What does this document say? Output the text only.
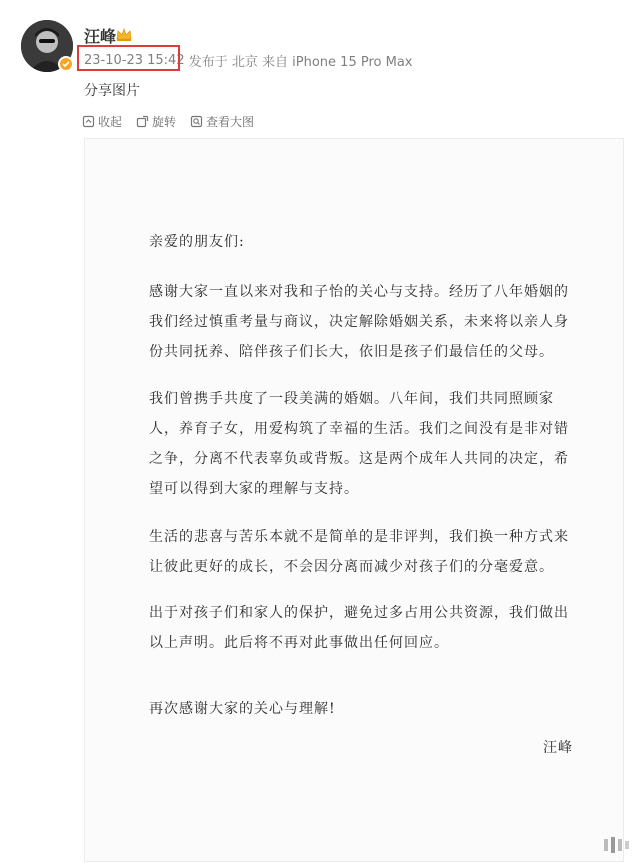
汪峰
23-10-23 15:42 发布于 北京 来自 iPhone 15 Pro Max
分享图片
收起	旋转	查看大图
亲爱的朋友们:
感谢大家一直以来对我和子怡的关心与支持。经历了八年婚姻的我们经过慎重考量与商议，决定解除婚姻关系，未来将以亲人身份共同抚养、陪伴孩子们长大，依旧是孩子们最信任的父母。
我们曾携手共度了一段美满的婚姻。八年间，我们共同照顾家人，养育子女，用爱构筑了幸福的生活。我们之间没有是非对错之争，分离不代表辜负或背叛。这是两个成年人共同的决定，希望可以得到大家的理解与支持。
生活的悲喜与苦乐本就不是简单的是非评判，我们换一种方式来让彼此更好的成长，不会因分离而减少对孩子们的分毫爱意。
出于对孩子们和家人的保护，避免过多占用公共资源，我们做出以上声明。此后将不再对此事做出任何回应。
再次感谢大家的关心与理解!
汪峰
